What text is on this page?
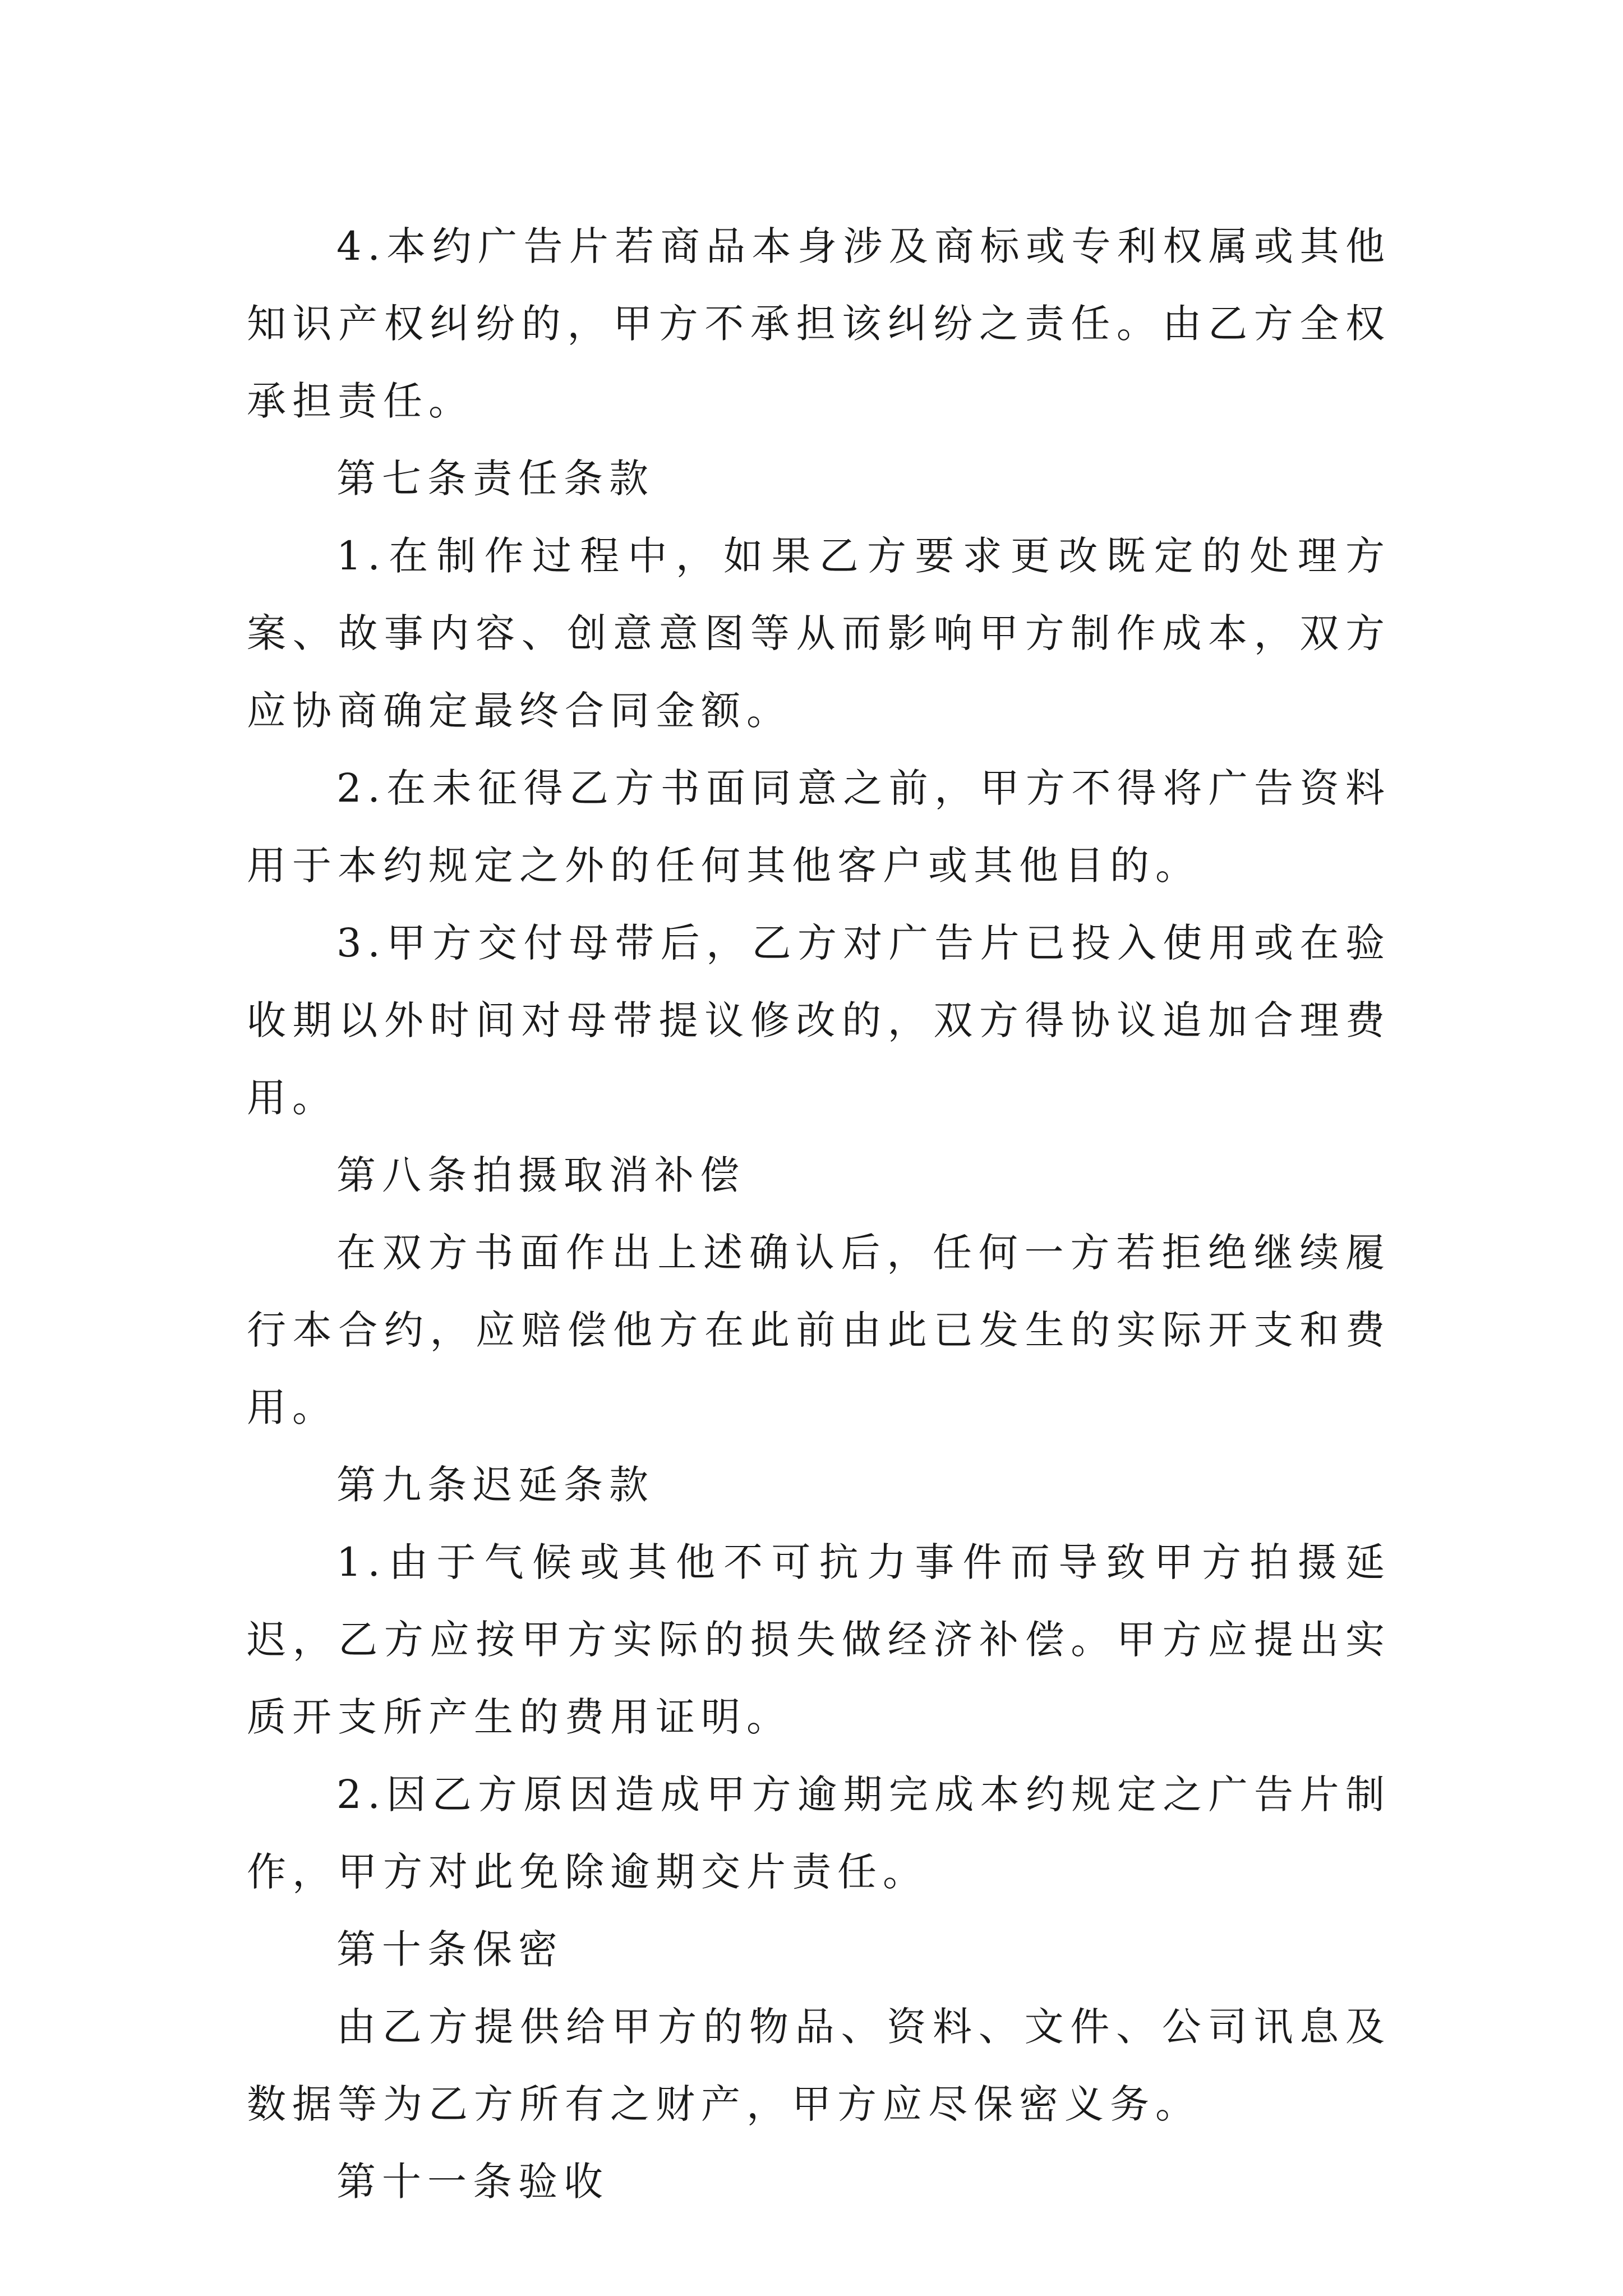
4.本约广告片若商品本身涉及商标或专利权属或其他知识产权纠纷的，甲方不承担该纠纷之责任。由乙方全权承担责任。

第七条责任条款

1.在制作过程中，如果乙方要求更改既定的处理方案、故事内容、创意意图等从而影响甲方制作成本，双方应协商确定最终合同金额。

2.在未征得乙方书面同意之前，甲方不得将广告资料用于本约规定之外的任何其他客户或其他目的。

3.甲方交付母带后，乙方对广告片已投入使用或在验收期以外时间对母带提议修改的，双方得协议追加合理费用。

第八条拍摄取消补偿

在双方书面作出上述确认后，任何一方若拒绝继续履行本合约，应赔偿他方在此前由此已发生的实际开支和费用。

第九条迟延条款

1.由于气候或其他不可抗力事件而导致甲方拍摄延迟，乙方应按甲方实际的损失做经济补偿。甲方应提出实质开支所产生的费用证明。

2.因乙方原因造成甲方逾期完成本约规定之广告片制作，甲方对此免除逾期交片责任。

第十条保密

由乙方提供给甲方的物品、资料、文件、公司讯息及数据等为乙方所有之财产，甲方应尽保密义务。

第十一条验收
